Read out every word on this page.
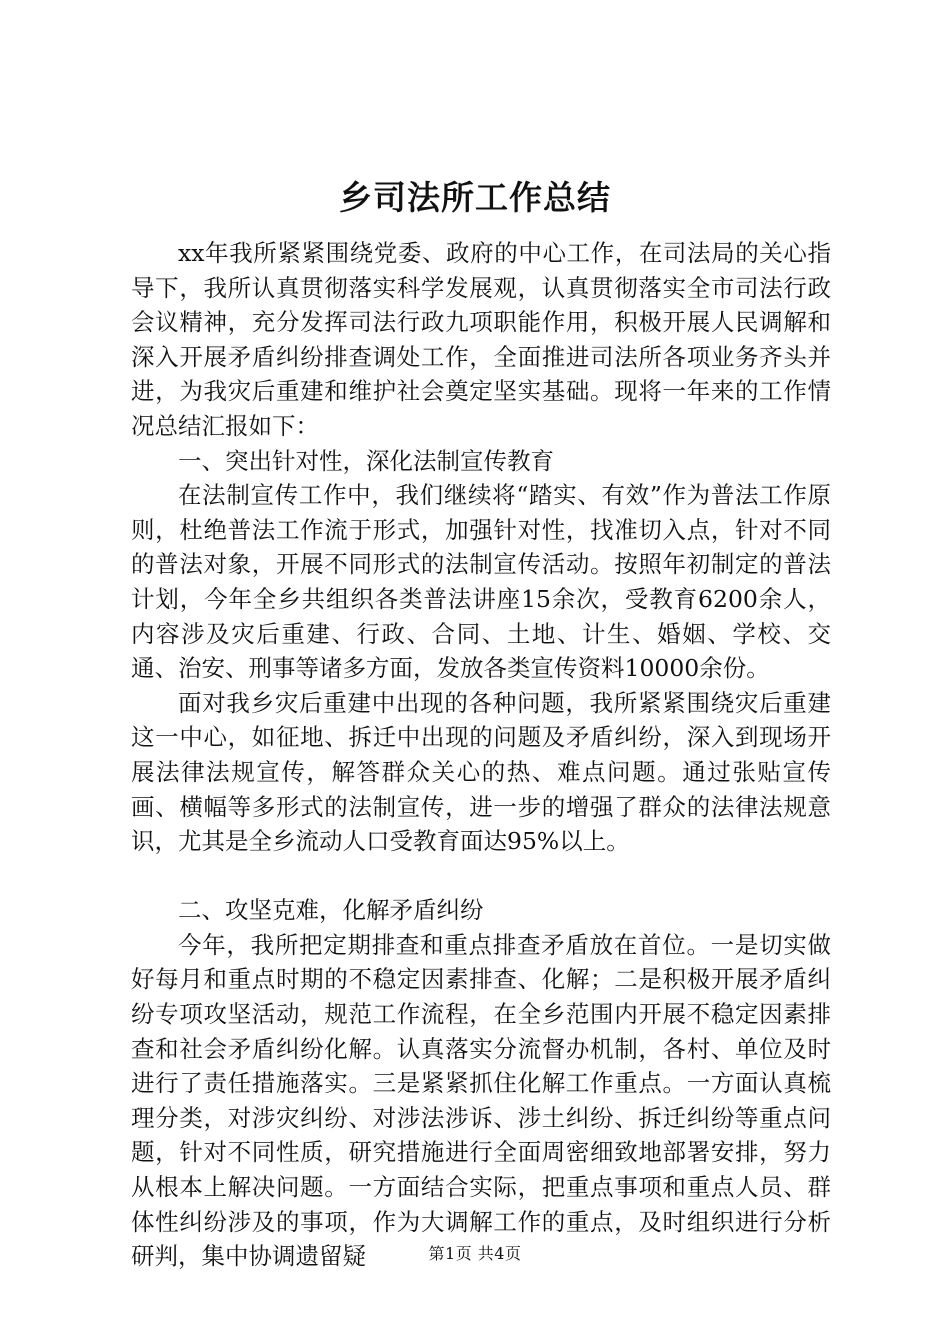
乡司法所工作总结

xx年我所紧紧围绕党委、政府的中心工作，在司法局的关心指导下，我所认真贯彻落实科学发展观，认真贯彻落实全市司法行政会议精神，充分发挥司法行政九项职能作用，积极开展人民调解和深入开展矛盾纠纷排查调处工作，全面推进司法所各项业务齐头并进，为我灾后重建和维护社会奠定坚实基础。现将一年来的工作情况总结汇报如下：

一、突出针对性，深化法制宣传教育

在法制宣传工作中，我们继续将“踏实、有效”作为普法工作原则，杜绝普法工作流于形式，加强针对性，找准切入点，针对不同的普法对象，开展不同形式的法制宣传活动。按照年初制定的普法计划，今年全乡共组织各类普法讲座15余次，受教育6200余人，内容涉及灾后重建、行政、合同、土地、计生、婚姻、学校、交通、治安、刑事等诸多方面，发放各类宣传资料10000余份。

面对我乡灾后重建中出现的各种问题，我所紧紧围绕灾后重建这一中心，如征地、拆迁中出现的问题及矛盾纠纷，深入到现场开展法律法规宣传，解答群众关心的热、难点问题。通过张贴宣传画、横幅等多形式的法制宣传，进一步的增强了群众的法律法规意识，尤其是全乡流动人口受教育面达95%以上。

二、攻坚克难，化解矛盾纠纷

今年，我所把定期排查和重点排查矛盾放在首位。一是切实做好每月和重点时期的不稳定因素排查、化解；二是积极开展矛盾纠纷专项攻坚活动，规范工作流程，在全乡范围内开展不稳定因素排查和社会矛盾纠纷化解。认真落实分流督办机制，各村、单位及时进行了责任措施落实。三是紧紧抓住化解工作重点。一方面认真梳理分类，对涉灾纠纷、对涉法涉诉、涉土纠纷、拆迁纠纷等重点问题，针对不同性质，研究措施进行全面周密细致地部署安排，努力从根本上解决问题。一方面结合实际，把重点事项和重点人员、群体性纠纷涉及的事项，作为大调解工作的重点，及时组织进行分析研判，集中协调遗留疑	第1页 共4页
